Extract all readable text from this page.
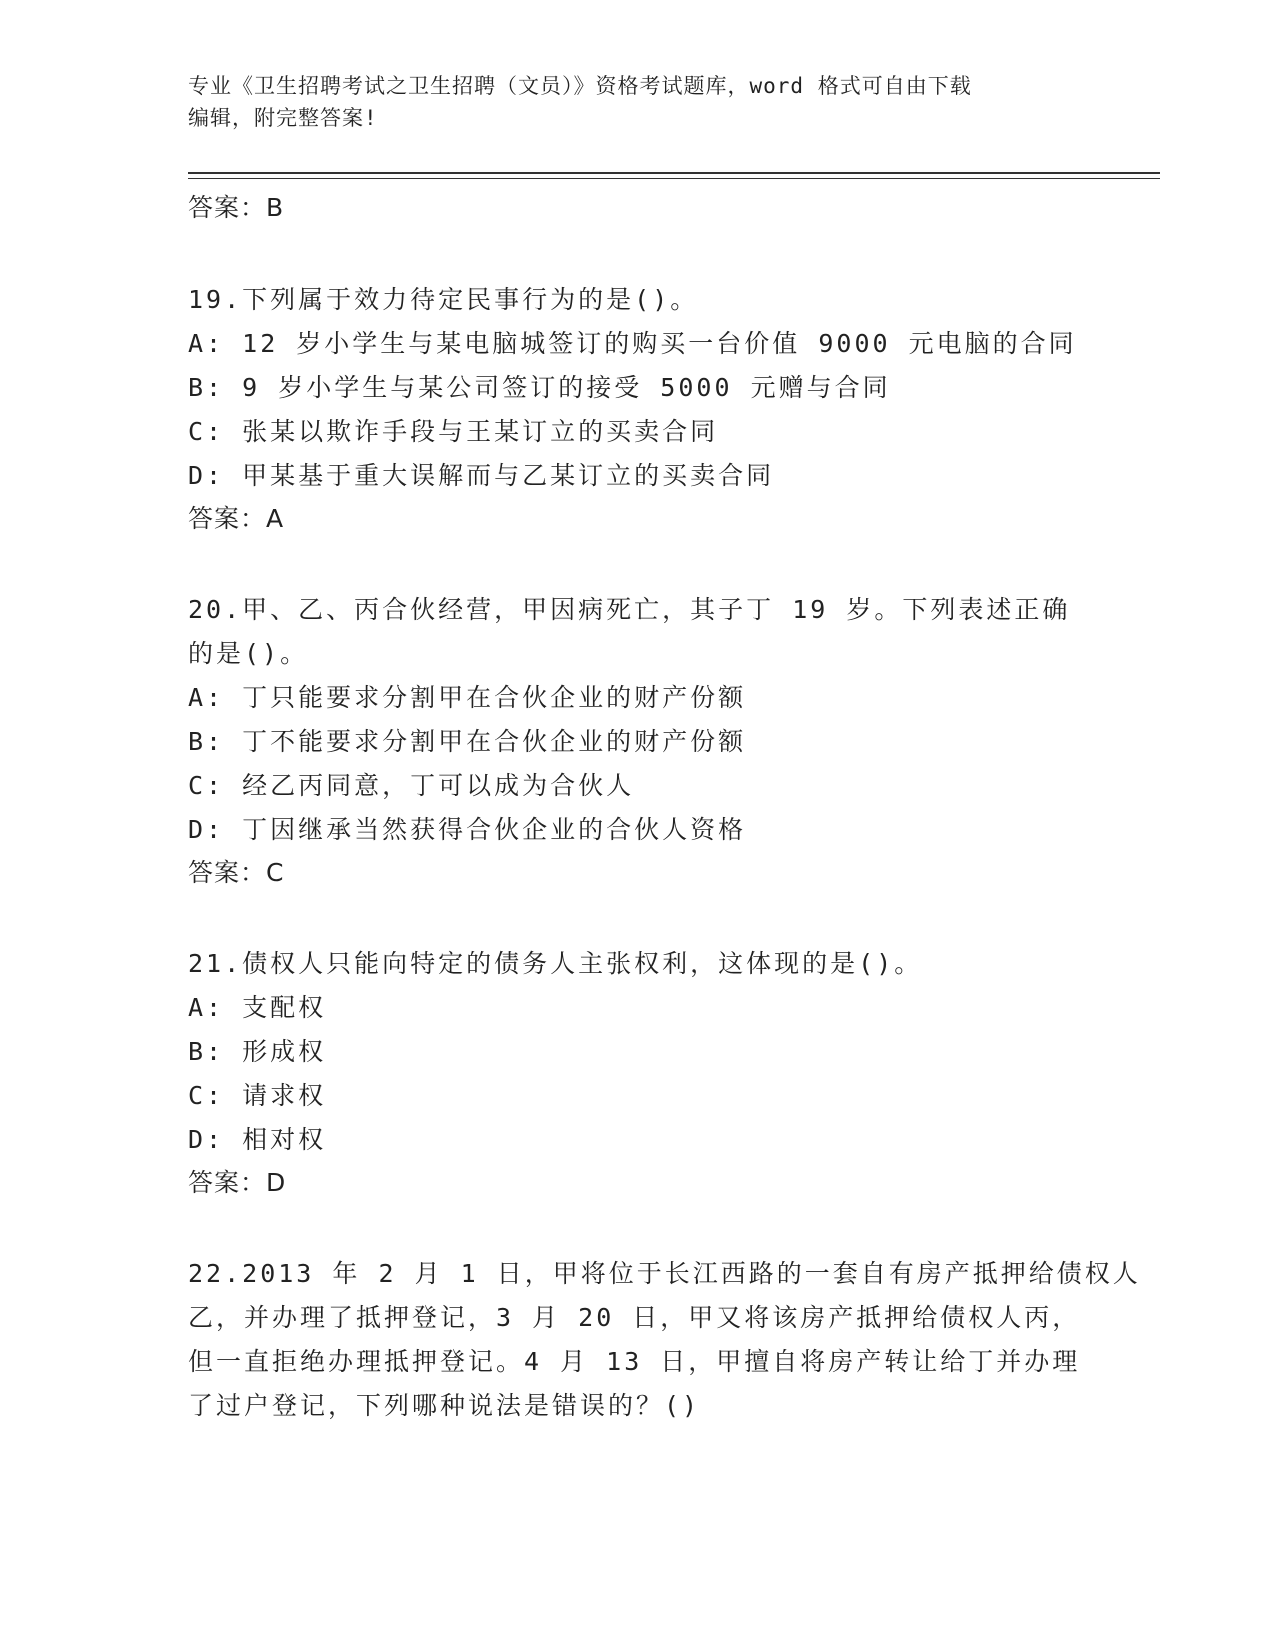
专业《卫生招聘考试之卫生招聘（文员）》资格考试题库，word 格式可自由下载
编辑，附完整答案!
答案：B
19.下列属于效力待定民事行为的是()。
A: 12 岁小学生与某电脑城签订的购买一台价值 9000 元电脑的合同
B: 9 岁小学生与某公司签订的接受 5000 元赠与合同
C: 张某以欺诈手段与王某订立的买卖合同
D: 甲某基于重大误解而与乙某订立的买卖合同
答案：A
20.甲、乙、丙合伙经营，甲因病死亡，其子丁 19 岁。下列表述正确
的是()。
A: 丁只能要求分割甲在合伙企业的财产份额
B: 丁不能要求分割甲在合伙企业的财产份额
C: 经乙丙同意，丁可以成为合伙人
D: 丁因继承当然获得合伙企业的合伙人资格
答案：C
21.债权人只能向特定的债务人主张权利，这体现的是()。
A: 支配权
B: 形成权
C: 请求权
D: 相对权
答案：D
22.2013 年 2 月 1 日，甲将位于长江西路的一套自有房产抵押给债权人
乙，并办理了抵押登记，3 月 20 日，甲又将该房产抵押给债权人丙，
但一直拒绝办理抵押登记。4 月 13 日，甲擅自将房产转让给丁并办理
了过户登记，下列哪种说法是错误的？()
